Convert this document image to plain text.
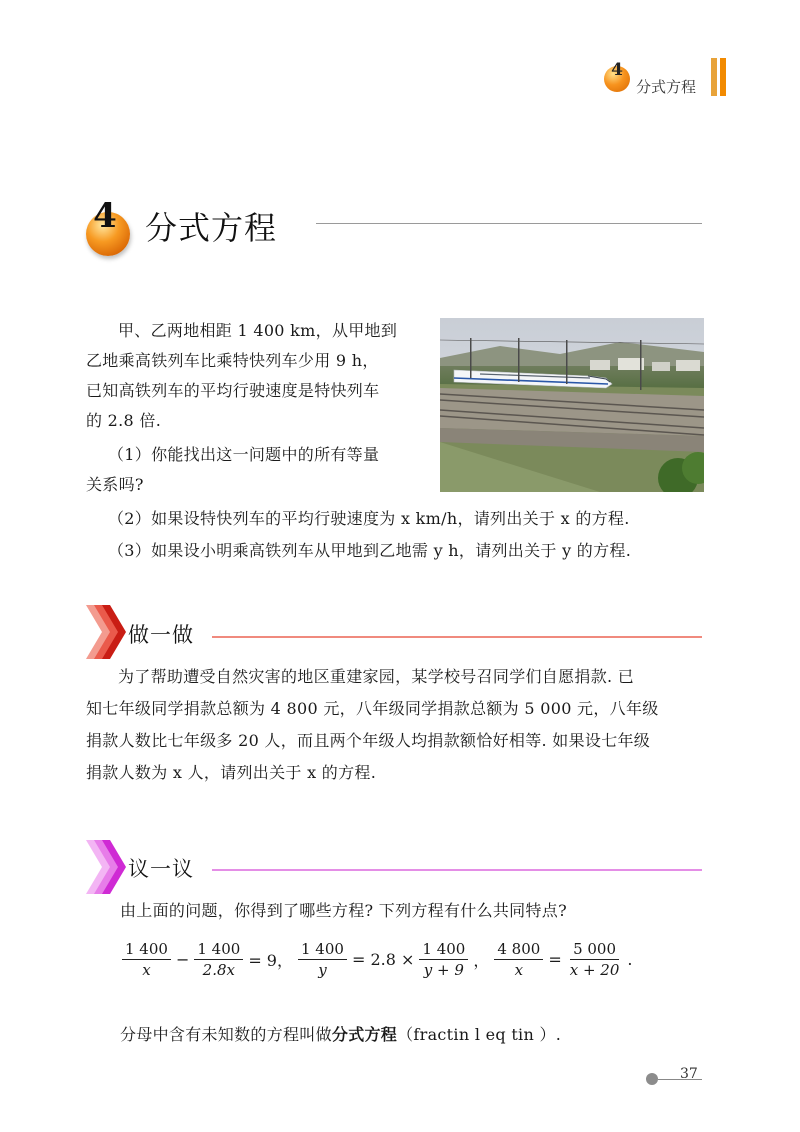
4
分式方程
4 分式方程
甲、乙两地相距 1 400 km，从甲地到
乙地乘高铁列车比乘特快列车少用 9 h，
已知高铁列车的平均行驶速度是特快列车
的 2.8 倍.
（1）你能找出这一问题中的所有等量
关系吗?
（2）如果设特快列车的平均行驶速度为 x km/h，请列出关于 x 的方程.
（3）如果设小明乘高铁列车从甲地到乙地需 y h，请列出关于 y 的方程.
做一做
为了帮助遭受自然灾害的地区重建家园，某学校号召同学们自愿捐款. 已
知七年级同学捐款总额为 4 800 元，八年级同学捐款总额为 5 000 元，八年级
捐款人数比七年级多 20 人，而且两个年级人均捐款额恰好相等. 如果设七年级
捐款人数为 x 人，请列出关于 x 的方程.
议一议
由上面的问题，你得到了哪些方程? 下列方程有什么共同特点?
$\frac{1 400}{x} - \frac{1 400}{2.8x} = 9$， $\frac{1 400}{y} = 2.8 \times \frac{1 400}{y + 9}$ ， $\frac{4 800}{x} = \frac{5 000}{x + 20}$ .
分母中含有未知数的方程叫做分式方程（fractin l eq tin ）.
37
